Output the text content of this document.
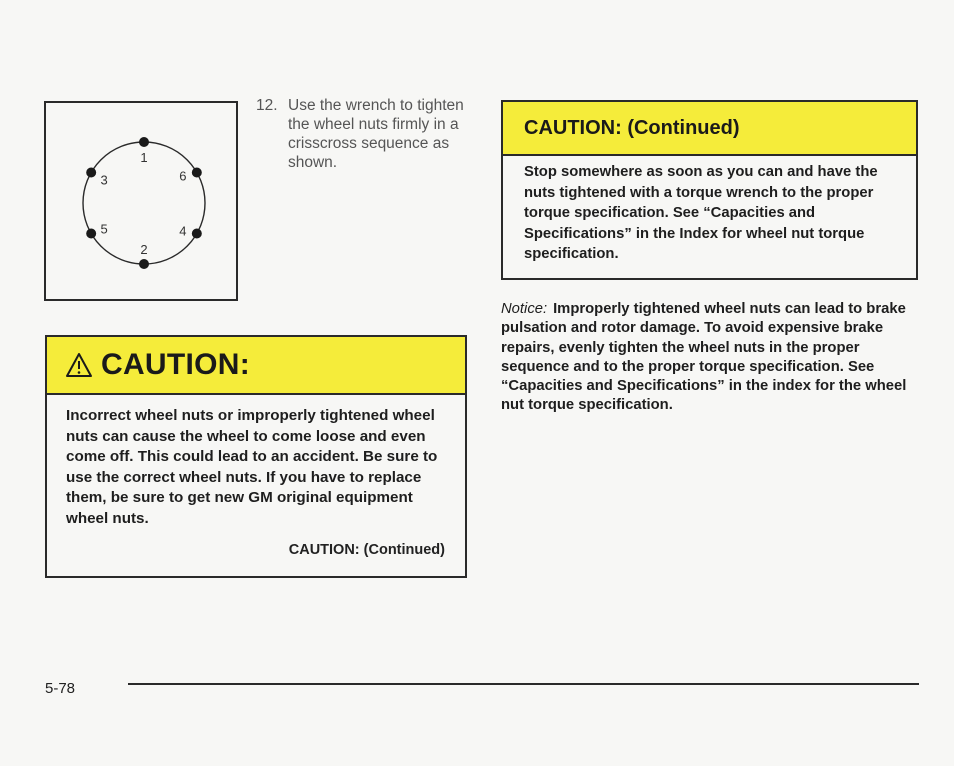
1
2
3
4
5
6
12. Use the wrench to tighten the wheel nuts firmly in a crisscross sequence as shown.
CAUTION:
Incorrect wheel nuts or improperly tightened wheel nuts can cause the wheel to come loose and even come off. This could lead to an accident. Be sure to use the correct wheel nuts. If you have to replace them, be sure to get new GM original equipment wheel nuts.
CAUTION: (Continued)
CAUTION: (Continued)
Stop somewhere as soon as you can and have the nuts tightened with a torque wrench to the proper torque specification. See “Capacities and Specifications” in the Index for wheel nut torque specification.
Notice: Improperly tightened wheel nuts can lead to brake pulsation and rotor damage. To avoid expensive brake repairs, evenly tighten the wheel nuts in the proper sequence and to the proper torque specification. See “Capacities and Specifications” in the index for the wheel nut torque specification.
5-78
